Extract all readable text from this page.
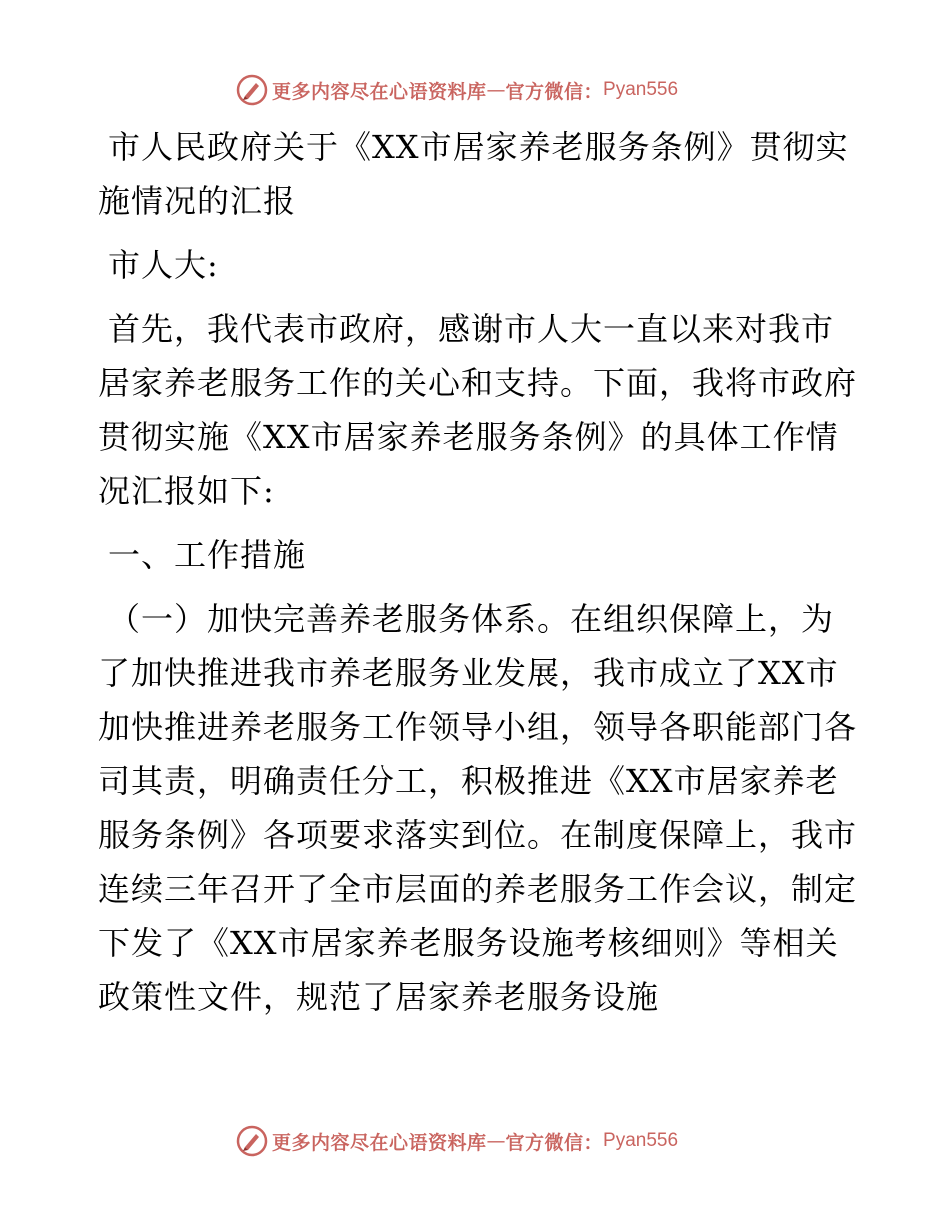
更多内容尽在心语资料库 — 官方微信： Pyan556

市人民政府关于《XX市居家养老服务条例》贯彻实施情况的汇报

市人大:

首先，我代表市政府，感谢市人大一直以来对我市居家养老服务工作的关心和支持。下面，我将市政府贯彻实施《XX市居家养老服务条例》的具体工作情况汇报如下:

一、工作措施

（一）加快完善养老服务体系。在组织保障上，为了加快推进我市养老服务业发展，我市成立了XX市加快推进养老服务工作领导小组，领导各职能部门各司其责，明确责任分工，积极推进《XX市居家养老服务条例》各项要求落实到位。在制度保障上，我市连续三年召开了全市层面的养老服务工作会议，制定下发了《XX市居家养老服务设施考核细则》等相关政策性文件，规范了居家养老服务设施

更多内容尽在心语资料库 — 官方微信： Pyan556
